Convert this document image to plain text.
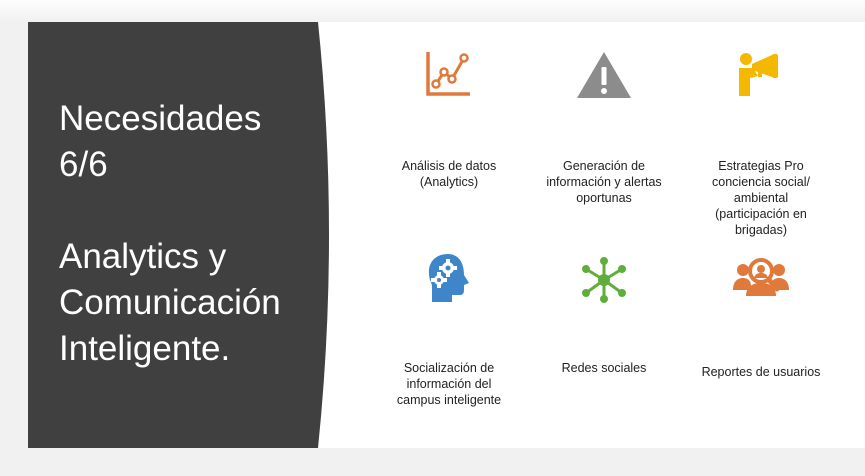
Necesidades
6/6
Analytics y
Comunicación
Inteligente.
Análisis de datos
(Analytics)
Generación de
información y alertas
oportunas
Estrategias Pro
conciencia social/
ambiental
(participación en
brigadas)
Socialización de
información del
campus inteligente
Redes sociales	Reportes de usuarios
